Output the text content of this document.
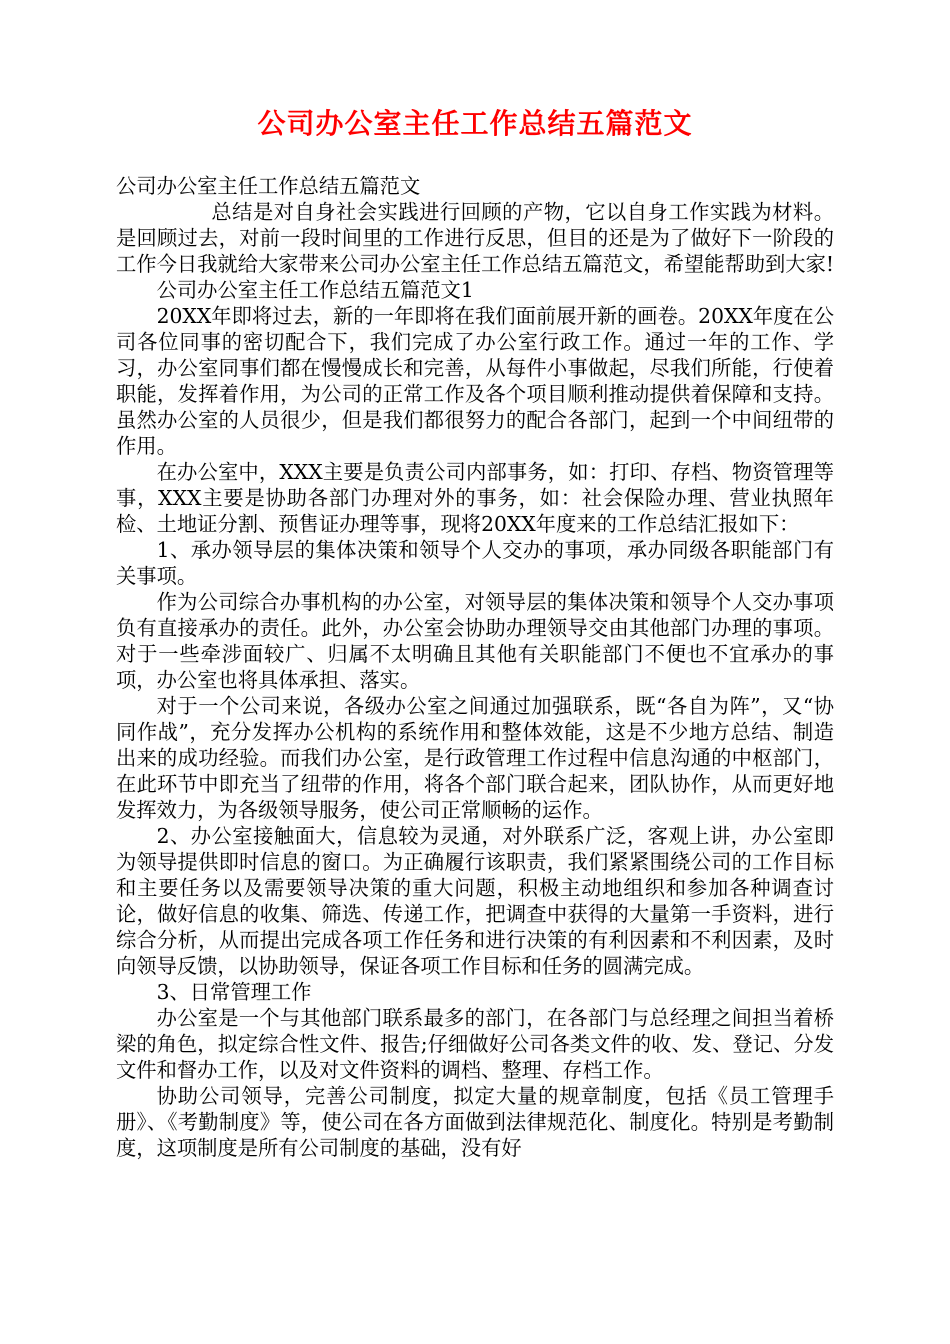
公司办公室主任工作总结五篇范文

公司办公室主任工作总结五篇范文

总结是对自身社会实践进行回顾的产物，它以自身工作实践为材料。是回顾过去，对前一段时间里的工作进行反思，但目的还是为了做好下一阶段的工作今日我就给大家带来公司办公室主任工作总结五篇范文，希望能帮助到大家!

公司办公室主任工作总结五篇范文1

20XX年即将过去，新的一年即将在我们面前展开新的画卷。20XX年度在公司各位同事的密切配合下，我们完成了办公室行政工作。通过一年的工作、学习，办公室同事们都在慢慢成长和完善，从每件小事做起，尽我们所能，行使着职能，发挥着作用，为公司的正常工作及各个项目顺利推动提供着保障和支持。虽然办公室的人员很少，但是我们都很努力的配合各部门，起到一个中间纽带的作用。

在办公室中，XXX主要是负责公司内部事务，如：打印、存档、物资管理等事，XXX主要是协助各部门办理对外的事务，如：社会保险办理、营业执照年检、土地证分割、预售证办理等事，现将20XX年度来的工作总结汇报如下：

1、承办领导层的集体决策和领导个人交办的事项，承办同级各职能部门有关事项。

作为公司综合办事机构的办公室，对领导层的集体决策和领导个人交办事项负有直接承办的责任。此外，办公室会协助办理领导交由其他部门办理的事项。对于一些牵涉面较广、归属不太明确且其他有关职能部门不便也不宜承办的事项，办公室也将具体承担、落实。

对于一个公司来说，各级办公室之间通过加强联系，既“各自为阵”，又“协同作战”，充分发挥办公机构的系统作用和整体效能，这是不少地方总结、制造出来的成功经验。而我们办公室，是行政管理工作过程中信息沟通的中枢部门，在此环节中即充当了纽带的作用，将各个部门联合起来，团队协作，从而更好地发挥效力，为各级领导服务，使公司正常顺畅的运作。

2、办公室接触面大，信息较为灵通，对外联系广泛，客观上讲，办公室即为领导提供即时信息的窗口。为正确履行该职责，我们紧紧围绕公司的工作目标和主要任务以及需要领导决策的重大问题，积极主动地组织和参加各种调查讨论，做好信息的收集、筛选、传递工作，把调查中获得的大量第一手资料，进行综合分析，从而提出完成各项工作任务和进行决策的有利因素和不利因素，及时向领导反馈，以协助领导，保证各项工作目标和任务的圆满完成。

3、日常管理工作

办公室是一个与其他部门联系最多的部门，在各部门与总经理之间担当着桥梁的角色，拟定综合性文件、报告;仔细做好公司各类文件的收、发、登记、分发文件和督办工作，以及对文件资料的调档、整理、存档工作。

协助公司领导，完善公司制度，拟定大量的规章制度，包括《员工管理手册》、《考勤制度》等，使公司在各方面做到法律规范化、制度化。特别是考勤制度，这项制度是所有公司制度的基础，没有好
